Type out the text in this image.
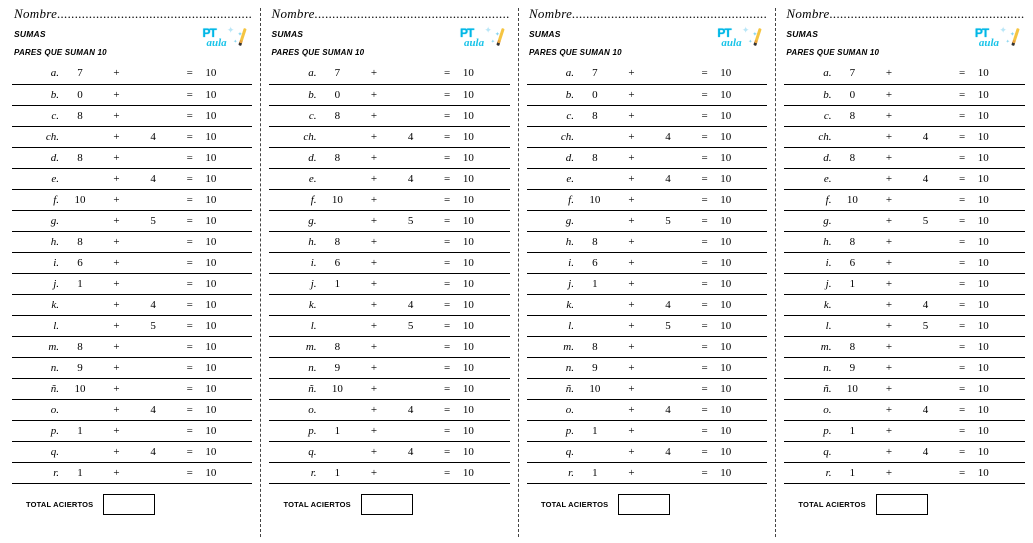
Nombre.......................................................
SUMAS
PARES QUE SUMAN 10
✦ ✦
✦
PT
aula
a.	7	+		=	10
b.	0	+		=	10
c.	8	+		=	10
ch.		+	4	=	10
d.	8	+		=	10
e.		+	4	=	10
f.	10	+		=	10
g.		+	5	=	10
h.	8	+		=	10
i.	6	+		=	10
j.	1	+		=	10
k.		+	4	=	10
l.		+	5	=	10
m.	8	+		=	10
n.	9	+		=	10
ñ.	10	+		=	10
o.		+	4	=	10
p.	1	+		=	10
q.		+	4	=	10
r.	1	+		=	10
TOTAL ACIERTOS
Nombre.......................................................
SUMAS
PARES QUE SUMAN 10
✦ ✦
✦
PT
aula
a.	7	+		=	10
b.	0	+		=	10
c.	8	+		=	10
ch.		+	4	=	10
d.	8	+		=	10
e.		+	4	=	10
f.	10	+		=	10
g.		+	5	=	10
h.	8	+		=	10
i.	6	+		=	10
j.	1	+		=	10
k.		+	4	=	10
l.		+	5	=	10
m.	8	+		=	10
n.	9	+		=	10
ñ.	10	+		=	10
o.		+	4	=	10
p.	1	+		=	10
q.		+	4	=	10
r.	1	+		=	10
TOTAL ACIERTOS
Nombre.......................................................
SUMAS
PARES QUE SUMAN 10
✦ ✦
✦
PT
aula
a.	7	+		=	10
b.	0	+		=	10
c.	8	+		=	10
ch.		+	4	=	10
d.	8	+		=	10
e.		+	4	=	10
f.	10	+		=	10
g.		+	5	=	10
h.	8	+		=	10
i.	6	+		=	10
j.	1	+		=	10
k.		+	4	=	10
l.		+	5	=	10
m.	8	+		=	10
n.	9	+		=	10
ñ.	10	+		=	10
o.		+	4	=	10
p.	1	+		=	10
q.		+	4	=	10
r.	1	+		=	10
TOTAL ACIERTOS
Nombre.......................................................
SUMAS
PARES QUE SUMAN 10
✦ ✦
✦
PT
aula
a.	7	+		=	10
b.	0	+		=	10
c.	8	+		=	10
ch.		+	4	=	10
d.	8	+		=	10
e.		+	4	=	10
f.	10	+		=	10
g.		+	5	=	10
h.	8	+		=	10
i.	6	+		=	10
j.	1	+		=	10
k.		+	4	=	10
l.		+	5	=	10
m.	8	+		=	10
n.	9	+		=	10
ñ.	10	+		=	10
o.		+	4	=	10
p.	1	+		=	10
q.		+	4	=	10
r.	1	+		=	10
TOTAL ACIERTOS
